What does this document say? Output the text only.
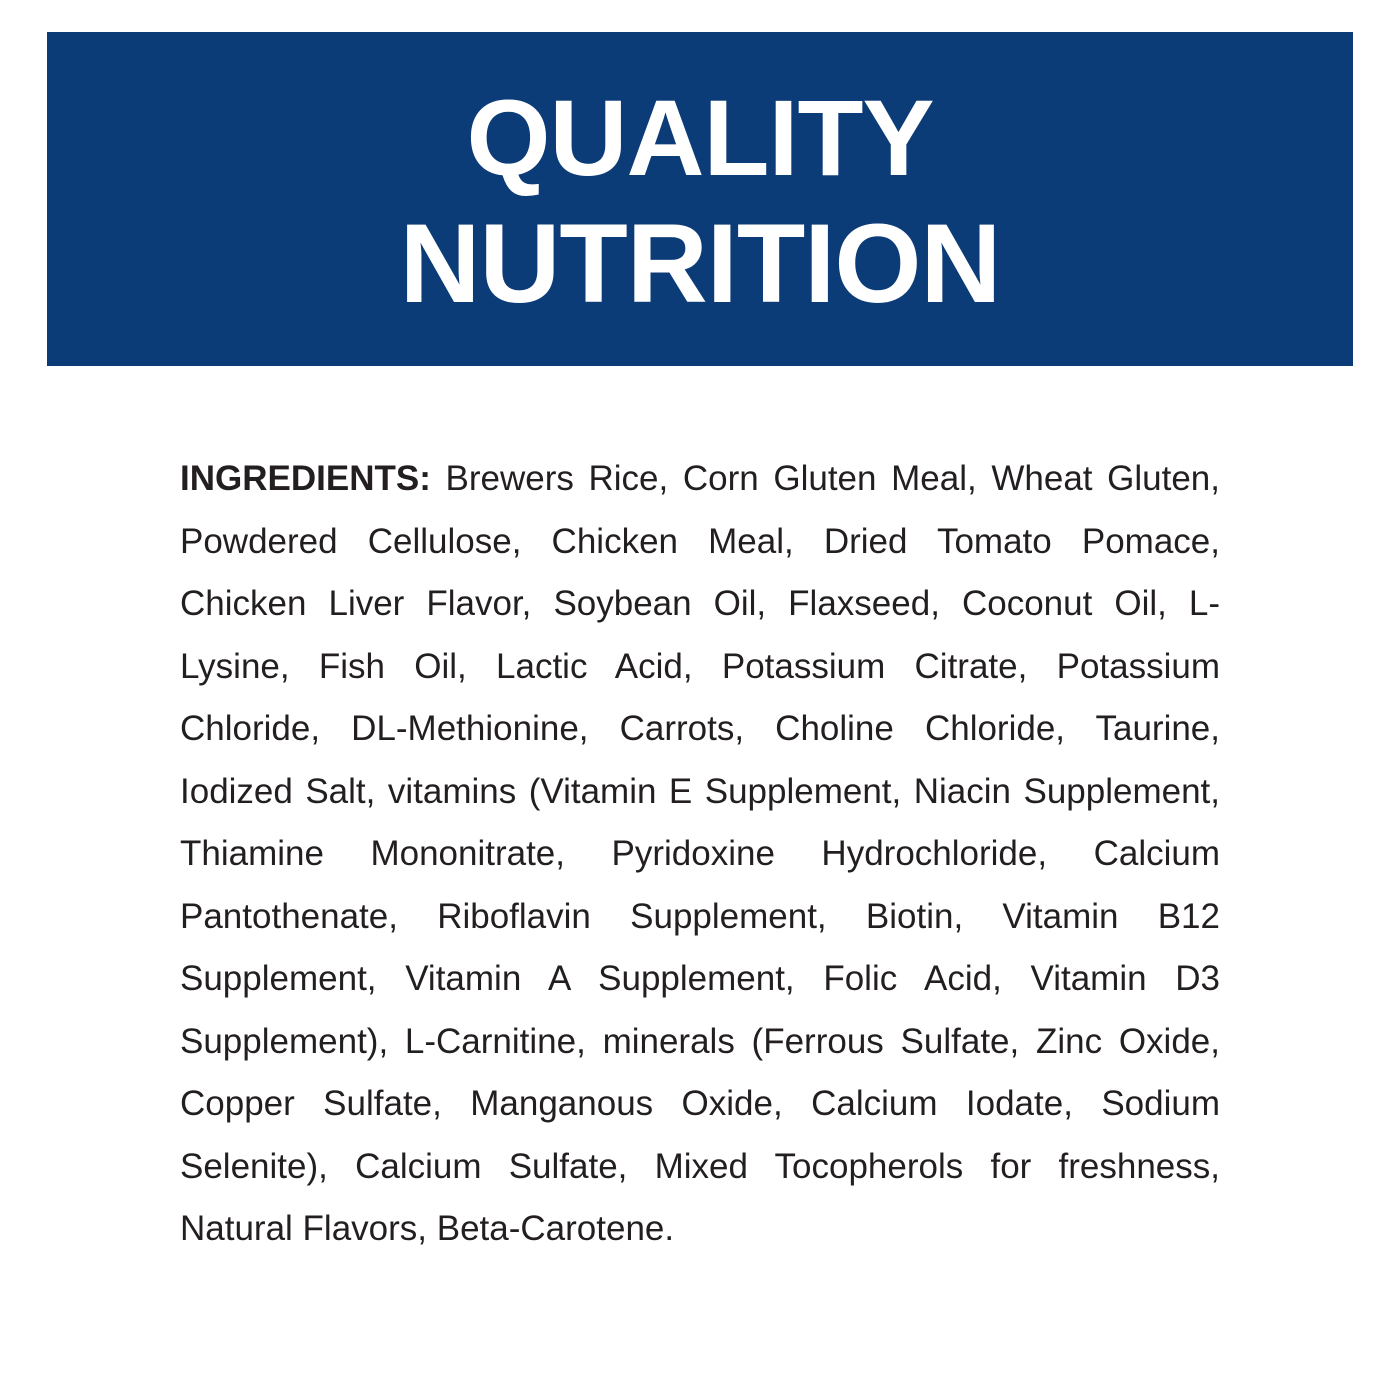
QUALITY
NUTRITION
INGREDIENTS: Brewers Rice, Corn Gluten Meal, Wheat Gluten, Powdered Cellulose, Chicken Meal, Dried Tomato Pomace, Chicken Liver Flavor, Soybean Oil, Flaxseed, Coconut Oil, L-Lysine, Fish Oil, Lactic Acid, Potassium Citrate, Potassium Chloride, DL-Methionine, Carrots, Choline Chloride, Taurine, Iodized Salt, vitamins (Vitamin E Supplement, Niacin Supplement, Thiamine Mononitrate, Pyridoxine Hydrochloride, Calcium Pantothenate, Riboflavin Supplement, Biotin, Vitamin B12 Supplement, Vitamin A Supplement, Folic Acid, Vitamin D3 Supplement), L-Carnitine, minerals (Ferrous Sulfate, Zinc Oxide, Copper Sulfate, Manganous Oxide, Calcium Iodate, Sodium Selenite), Calcium Sulfate, Mixed Tocopherols for freshness, Natural Flavors, Beta-Carotene.
